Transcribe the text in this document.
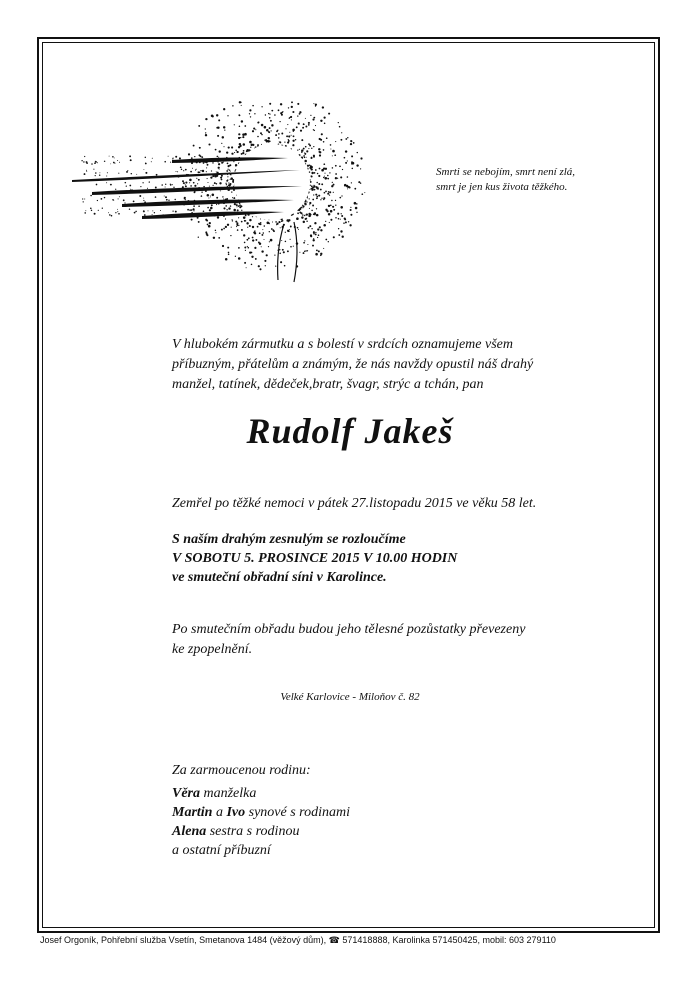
Smrti se nebojím, smrt není zlá,

smrt je jen kus života těžkého.

V hlubokém zármutku a s bolestí v srdcích oznamujeme všem

příbuzným, přátelům a známým, že nás navždy opustil náš drahý

manžel, tatínek, dědeček,bratr, švagr, strýc a tchán, pan

Rudolf Jakeš
Zemřel po těžké nemoci v pátek 27.listopadu 2015 ve věku 58 let.

S naším drahým zesnulým se rozloučíme

V SOBOTU 5. PROSINCE 2015 V 10.00 HODIN

ve smuteční obřadní síni v Karolince.

Po smutečním obřadu budou jeho tělesné pozůstatky převezeny

ke zpopelnění.

Velké Karlovice - Miloňov č. 82

Za zarmoucenou rodinu:

Věra manželka

Martin a Ivo synové s rodinami

Alena sestra s rodinou

a ostatní příbuzní

Josef Orgoník, Pohřební služba Vsetín, Smetanova 1484 (věžový dům), ☎ 571418888, Karolinka 571450425, mobil: 603 279110
